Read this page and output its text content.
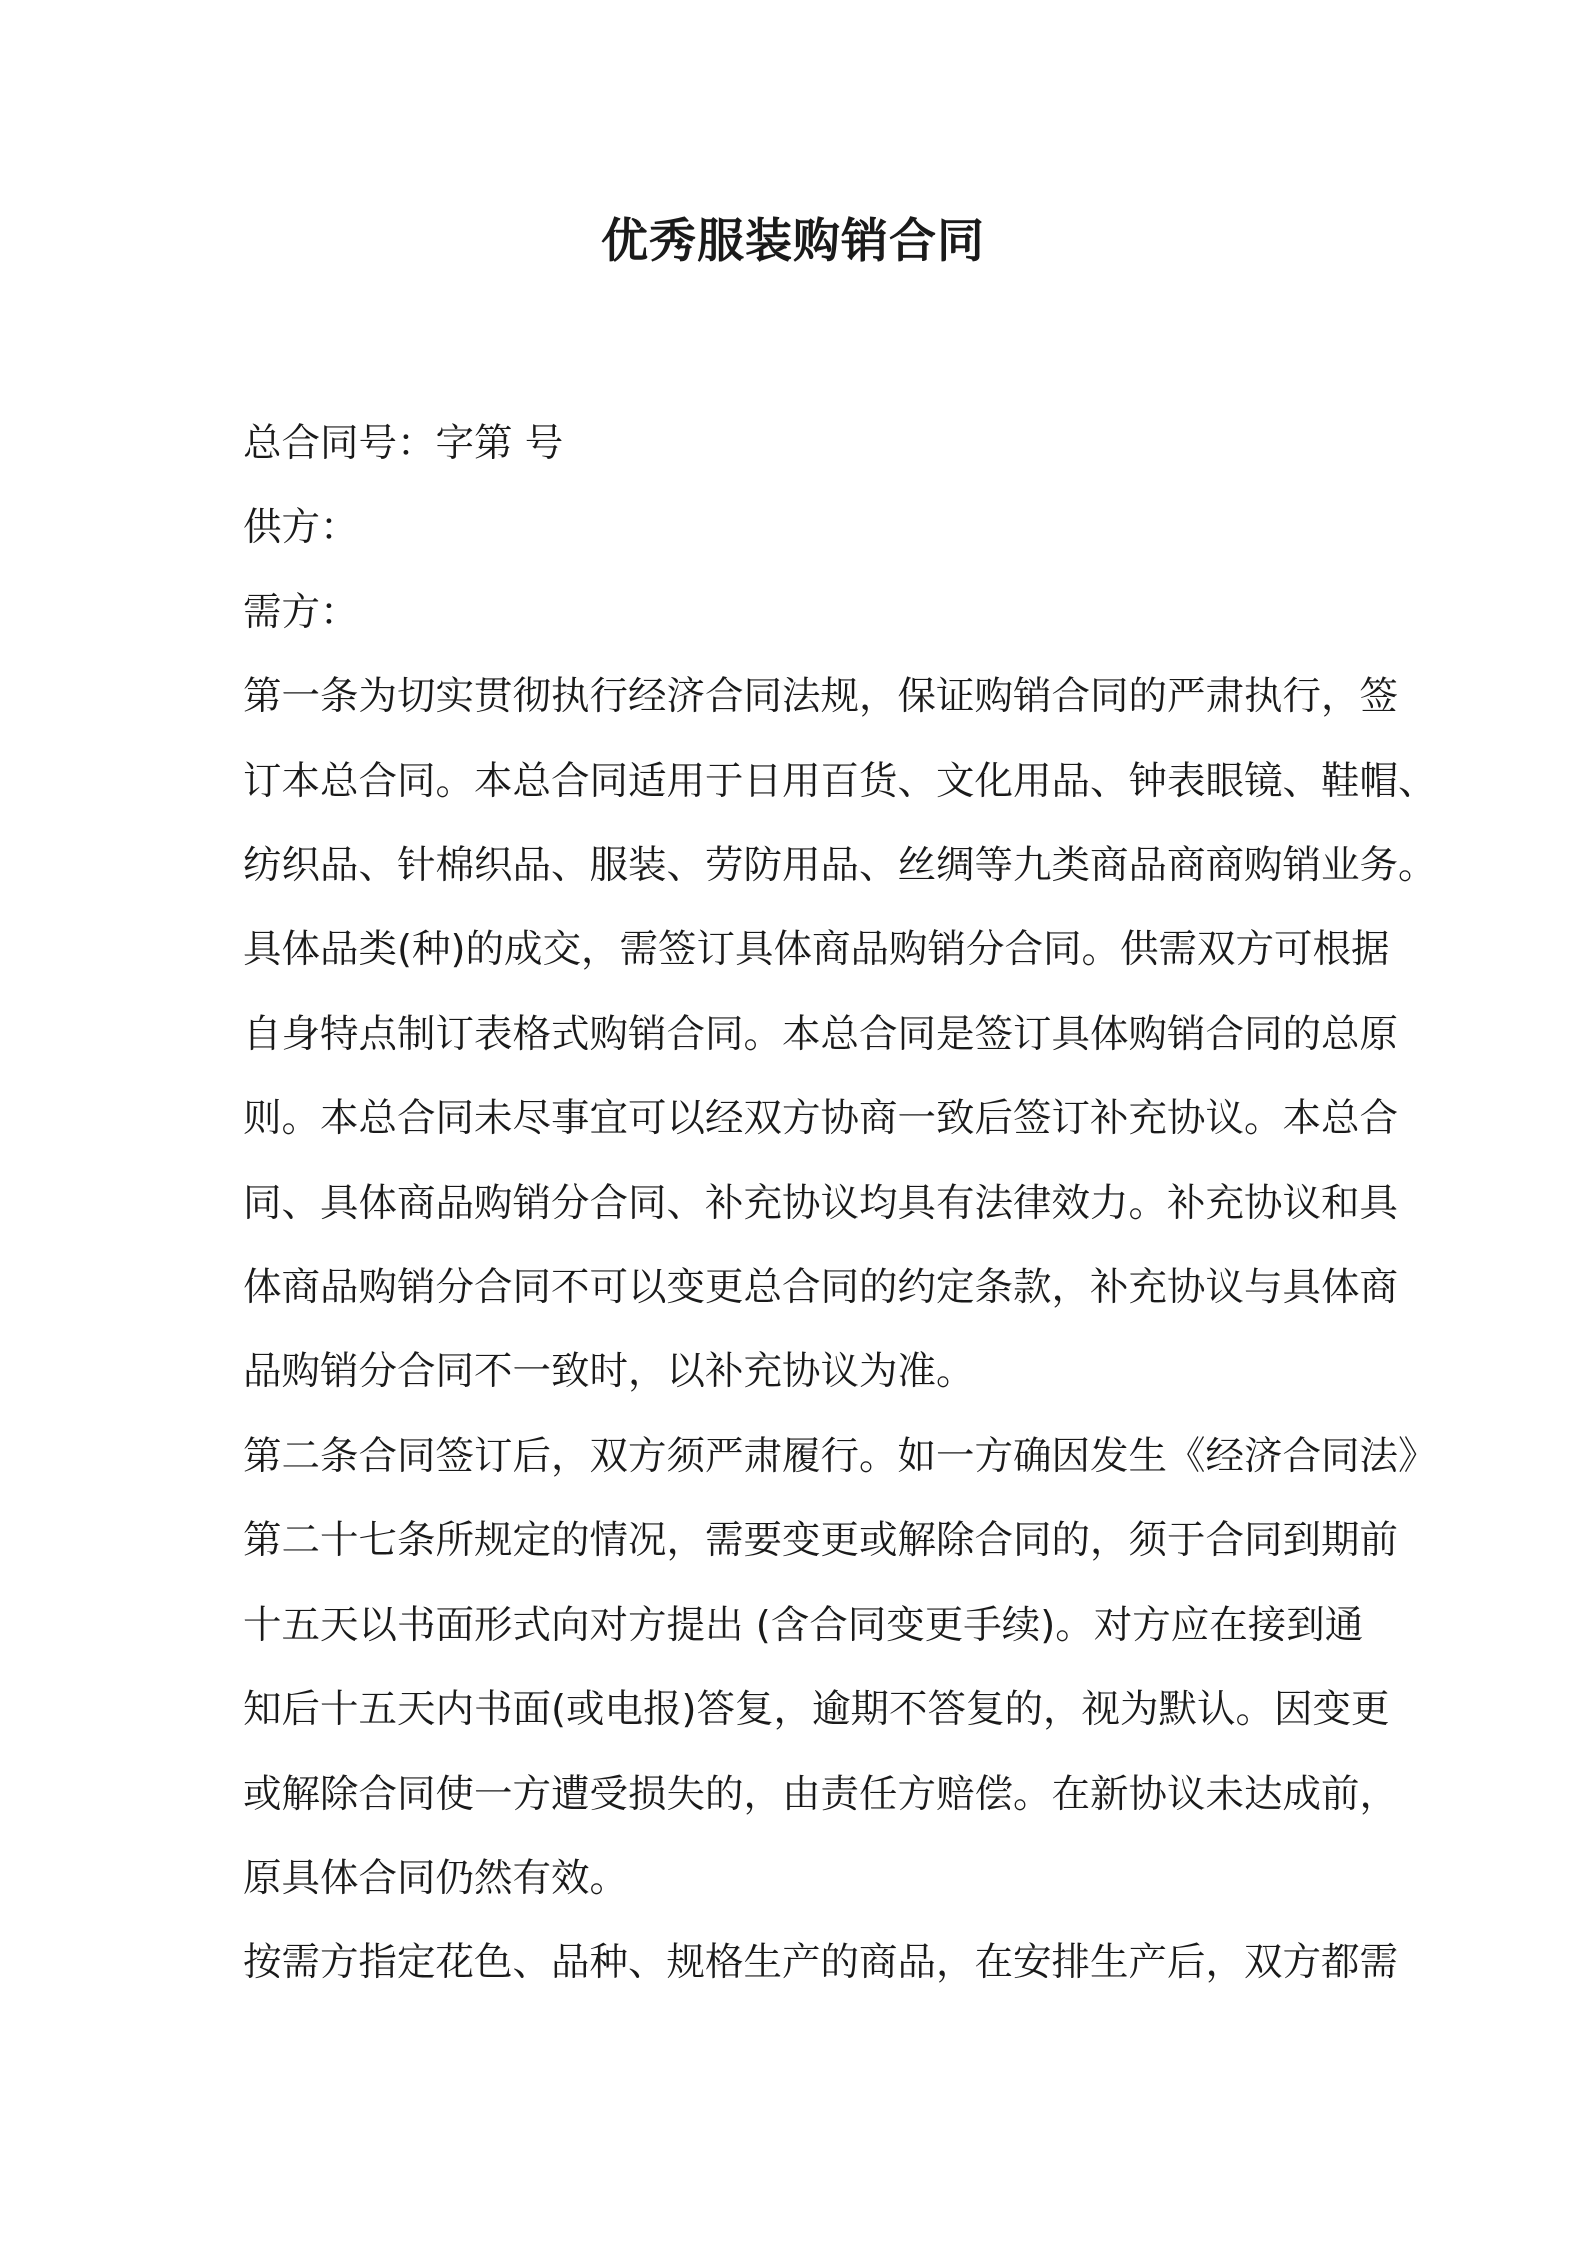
优秀服装购销合同
总合同号：字第 号
供方：
需方：
第一条为切实贯彻执行经济合同法规，保证购销合同的严肃执行，签
订本总合同。本总合同适用于日用百货、文化用品、钟表眼镜、鞋帽、
纺织品、针棉织品、服装、劳防用品、丝绸等九类商品商商购销业务。
具体品类(种)的成交，需签订具体商品购销分合同。供需双方可根据
自身特点制订表格式购销合同。本总合同是签订具体购销合同的总原
则。本总合同未尽事宜可以经双方协商一致后签订补充协议。本总合
同、具体商品购销分合同、补充协议均具有法律效力。补充协议和具
体商品购销分合同不可以变更总合同的约定条款，补充协议与具体商
品购销分合同不一致时，以补充协议为准。
第二条合同签订后，双方须严肃履行。如一方确因发生《经济合同法》
第二十七条所规定的情况，需要变更或解除合同的，须于合同到期前
十五天以书面形式向对方提出 (含合同变更手续)。对方应在接到通
知后十五天内书面(或电报)答复，逾期不答复的，视为默认。因变更
或解除合同使一方遭受损失的，由责任方赔偿。在新协议未达成前，
原具体合同仍然有效。
按需方指定花色、品种、规格生产的商品，在安排生产后，双方都需
